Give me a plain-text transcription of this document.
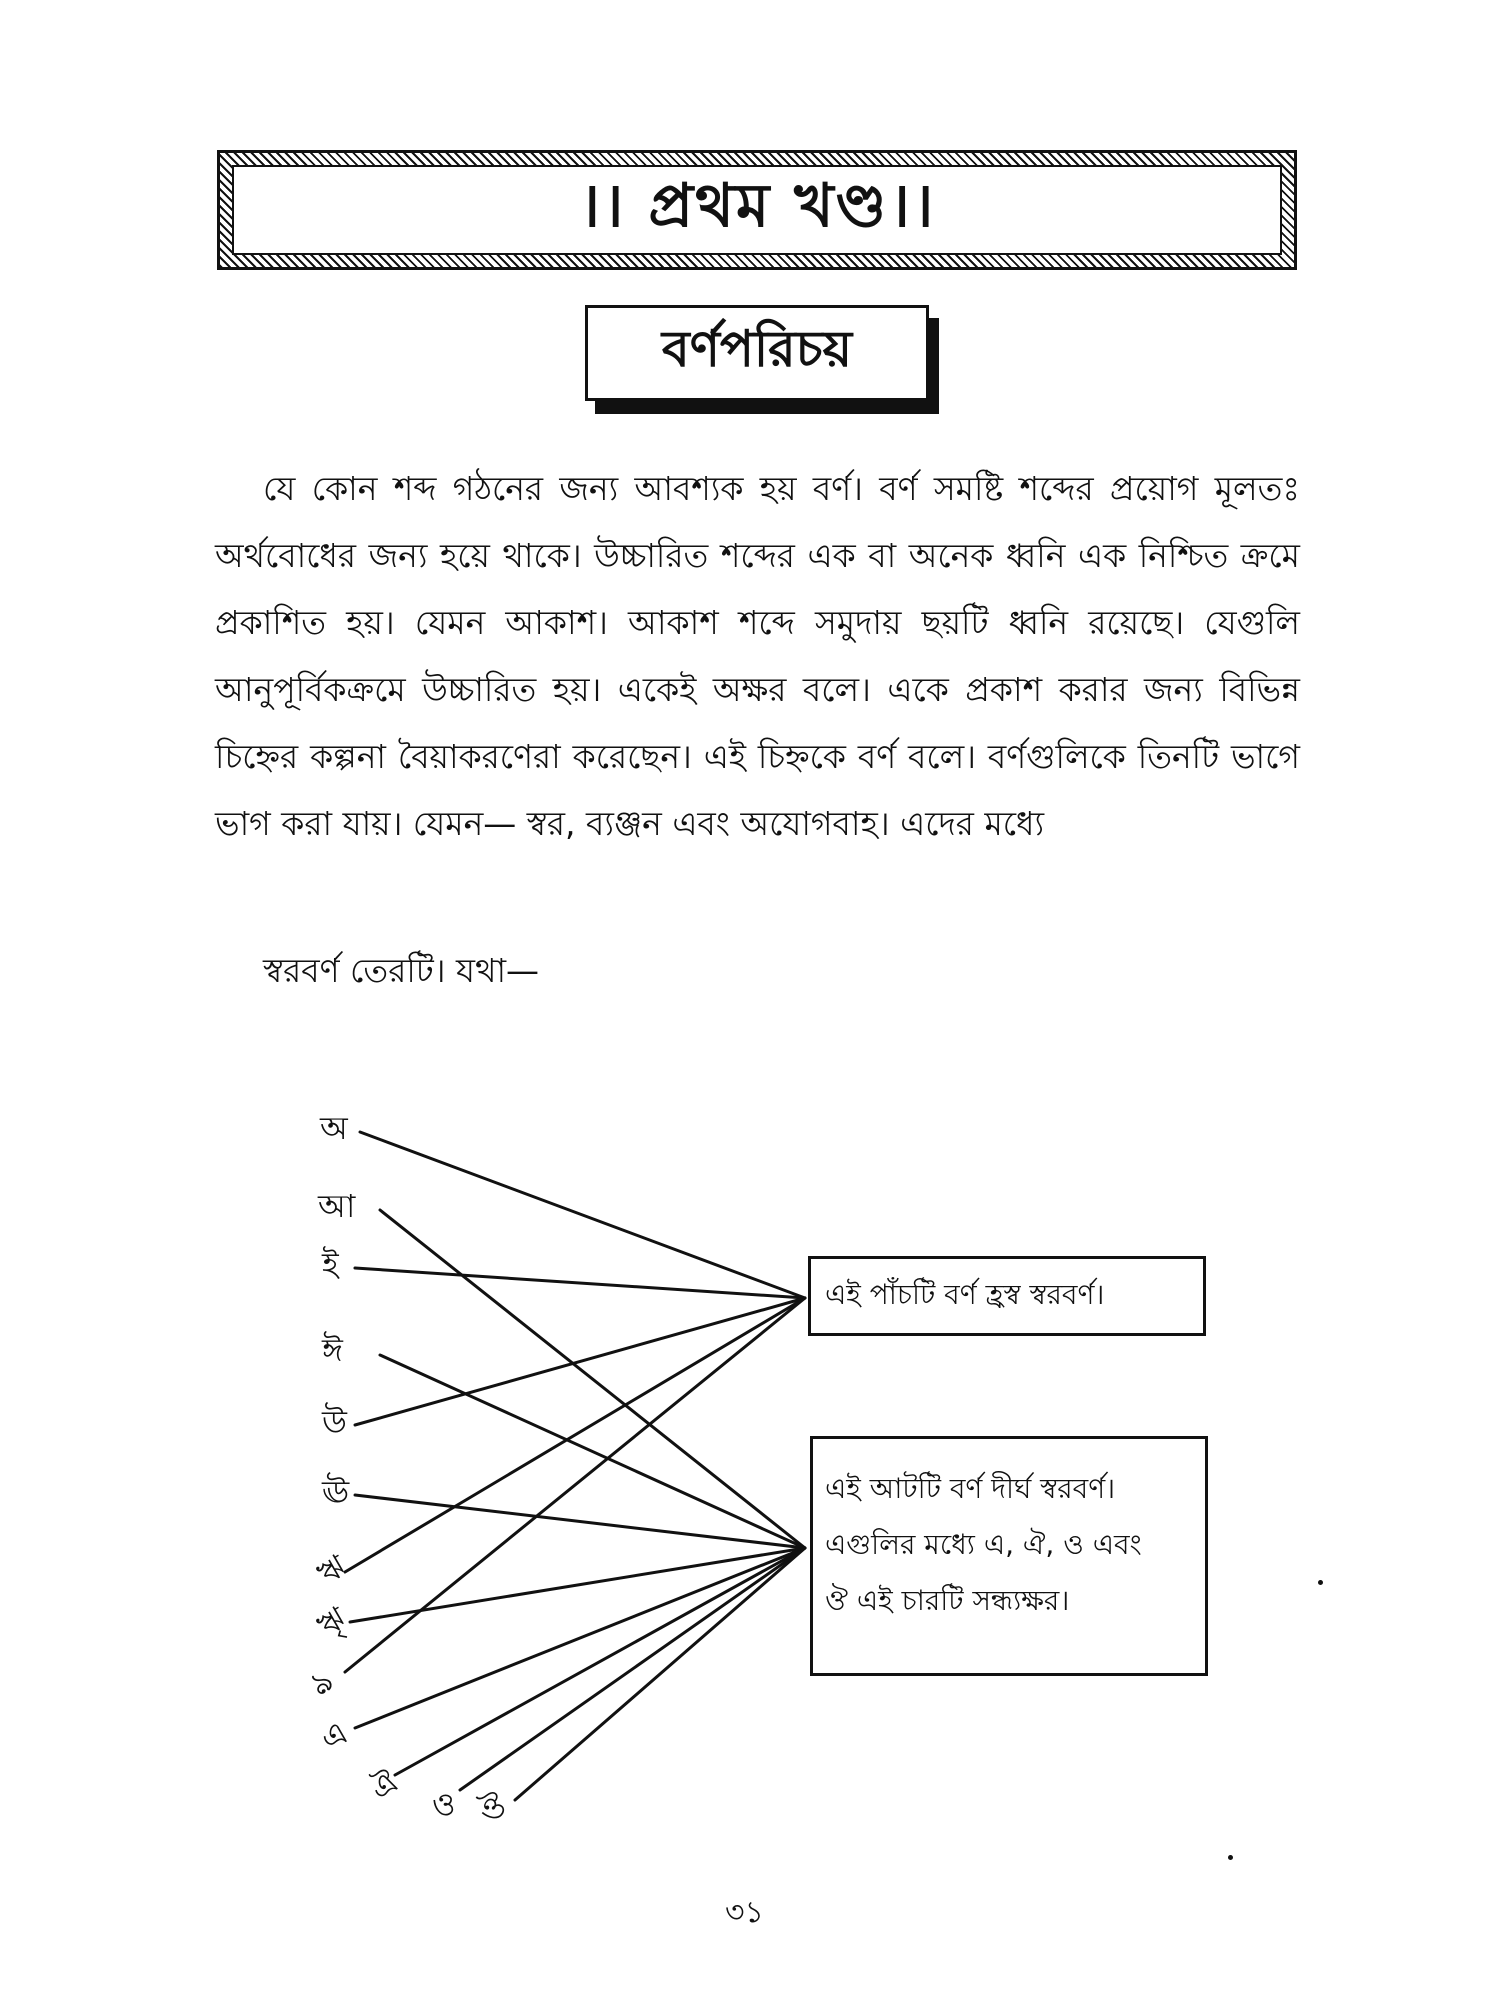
।। প্রথম খণ্ড।।
বর্ণপরিচয়

যে কোন শব্দ গঠনের জন্য আবশ্যক হয় বর্ণ। বর্ণ সমষ্টি শব্দের প্রয়োগ মূলতঃ অর্থবোধের জন্য হয়ে থাকে। উচ্চারিত শব্দের এক বা অনেক ধ্বনি এক নিশ্চিত ক্রমে প্রকাশিত হয়। যেমন আকাশ। আকাশ শব্দে সমুদায় ছয়টি ধ্বনি রয়েছে। যেগুলি আনুপূর্বিকক্রমে উচ্চারিত হয়। একেই অক্ষর বলে। একে প্রকাশ করার জন্য বিভিন্ন চিহ্নের কল্পনা বৈয়াকরণেরা করেছেন। এই চিহ্নকে বর্ণ বলে। বর্ণগুলিকে তিনটি ভাগে ভাগ করা যায়। যেমন— স্বর, ব্যঞ্জন এবং অযোগবাহ। এদের মধ্যে

স্বরবর্ণ তেরটি। যথা—
অ
আ
ই
ঈ
উ
ঊ
ঋ
ৠ
ঌ
এ
ঐ ও ঔ
এই পাঁচটি বর্ণ হ্রস্ব স্বরবর্ণ।
এই আটটি বর্ণ দীর্ঘ স্বরবর্ণ।
এগুলির মধ্যে এ, ঐ, ও এবং
ঔ এই চারটি সন্ধ্যক্ষর।
৩১
